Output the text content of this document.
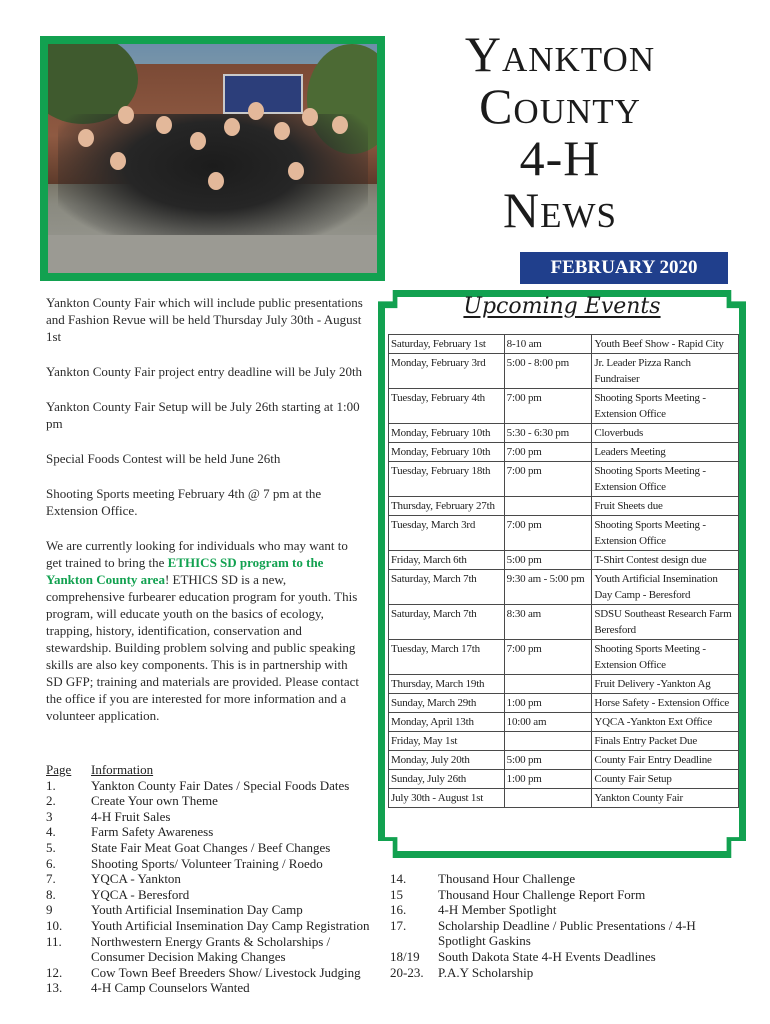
Yankton
County
4-H
News
FEBRUARY 2020

Yankton County Fair which will include public presentations and Fashion Revue will be held Thursday July 30th - August 1st

Yankton County Fair project entry deadline will be July 20th

Yankton County Fair Setup will be July 26th starting at 1:00 pm

Special Foods Contest will be held June 26th

Shooting Sports meeting February 4th @ 7 pm at the Extension Office.

We are currently looking for individuals who may want to get trained to bring the ETHICS SD program to the Yankton County area! ETHICS SD is a new, comprehensive furbearer education program for youth. This program, will educate youth on the basics of ecology, trapping, history, identification, conservation and stewardship. Building problem solving and public speaking skills are also key components. This is in partnership with SD GFP; training and materials are provided. Please contact the office if you are interested for more information and a volunteer application.

Page	Information
1.	Yankton County Fair Dates / Special Foods Dates
2.	Create Your own Theme
3	4-H Fruit Sales
4.	Farm Safety Awareness
5.	State Fair Meat Goat Changes / Beef Changes
6.	Shooting Sports/ Volunteer Training / Roedo
7.	YQCA - Yankton
8.	YQCA - Beresford
9	Youth Artificial Insemination Day Camp
10.	Youth Artificial Insemination Day Camp Registration
11.	Northwestern Energy Grants & Scholarships / Consumer Decision Making Changes
12.	Cow Town Beef Breeders Show/ Livestock Judging
13.	4-H Camp Counselors Wanted
14.	Thousand Hour Challenge
15	Thousand Hour Challenge Report Form
16.	4-H Member Spotlight
17.	Scholarship Deadline / Public Presentations / 4-H Spotlight Gaskins
18/19	South Dakota State 4-H Events Deadlines
20-23.	P.A.Y Scholarship
Upcoming Events
Saturday, February 1st	8-10 am	Youth Beef Show - Rapid City
Monday, February 3rd	5:00 - 8:00 pm	Jr. Leader Pizza Ranch Fundraiser
Tuesday, February 4th	7:00 pm	Shooting Sports Meeting - Extension Office
Monday, February 10th	5:30 - 6:30 pm	Cloverbuds
Monday, February 10th	7:00 pm	Leaders Meeting
Tuesday, February 18th	7:00 pm	Shooting Sports Meeting - Extension Office
Thursday, February 27th		Fruit Sheets due
Tuesday, March 3rd	7:00 pm	Shooting Sports Meeting - Extension Office
Friday, March 6th	5:00 pm	T-Shirt Contest design due
Saturday, March 7th	9:30 am - 5:00 pm	Youth Artificial Insemination Day Camp - Beresford
Saturday, March 7th	8:30 am	SDSU Southeast Research Farm Beresford
Tuesday, March 17th	7:00 pm	Shooting Sports Meeting - Extension Office
Thursday, March 19th		Fruit Delivery -Yankton Ag
Sunday, March 29th	1:00 pm	Horse Safety - Extension Office
Monday, April 13th	10:00 am	YQCA -Yankton Ext Office
Friday, May 1st		Finals Entry Packet Due
Monday, July 20th	5:00 pm	County Fair Entry Deadline
Sunday, July 26th	1:00 pm	County Fair Setup
July 30th - August 1st		Yankton County Fair
